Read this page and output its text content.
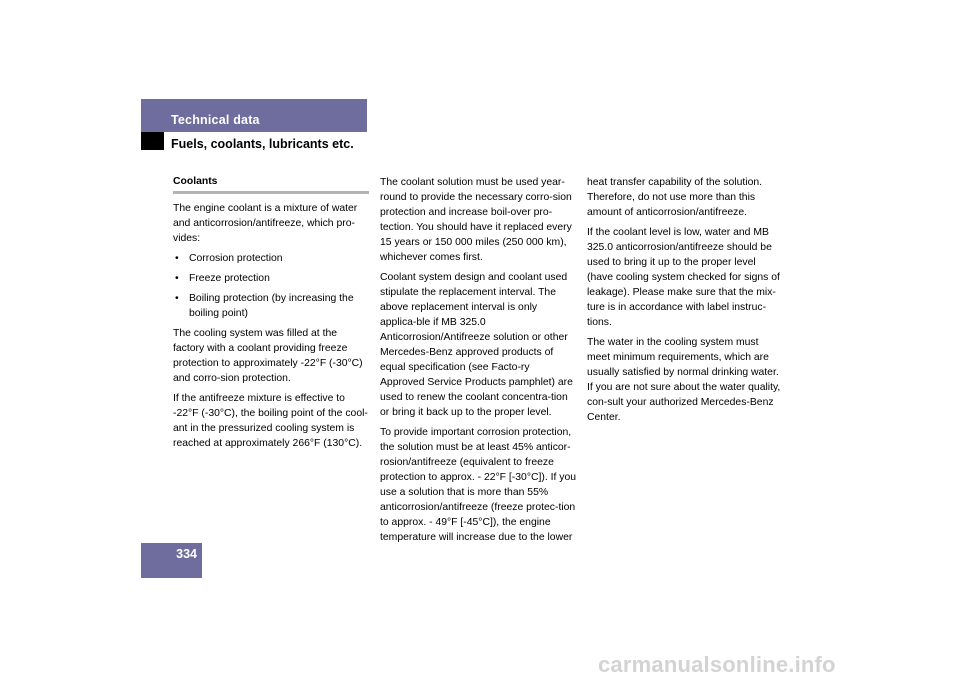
Technical data
Fuels, coolants, lubricants etc.
Coolants

The engine coolant is a mixture of water and anticorrosion/antifreeze, which pro-vides:

• Corrosion protection
• Freeze protection
• Boiling protection (by increasing the boiling point)

The cooling system was filled at the factory with a coolant providing freeze protection to approximately -22°F (-30°C) and corro-sion protection.

If the antifreeze mixture is effective to -22°F (-30°C), the boiling point of the cool-ant in the pressurized cooling system is reached at approximately 266°F (130°C).

The coolant solution must be used year-round to provide the necessary corro-sion protection and increase boil-over pro-tection. You should have it replaced every 15 years or 150 000 miles (250 000 km), whichever comes first.

Coolant system design and coolant used stipulate the replacement interval. The above replacement interval is only applica-ble if MB 325.0 Anticorrosion/Antifreeze solution or other Mercedes-Benz approved products of equal specification (see Facto-ry Approved Service Products pamphlet) are used to renew the coolant concentra-tion or bring it back up to the proper level.

To provide important corrosion protection, the solution must be at least 45% anticor-rosion/antifreeze (equivalent to freeze protection to approx. - 22°F [-30°C]). If you use a solution that is more than 55% anticorrosion/antifreeze (freeze protec-tion to approx. - 49°F [-45°C]), the engine temperature will increase due to the lower

heat transfer capability of the solution. Therefore, do not use more than this amount of anticorrosion/antifreeze.

If the coolant level is low, water and MB 325.0 anticorrosion/antifreeze should be used to bring it up to the proper level (have cooling system checked for signs of leakage). Please make sure that the mix-ture is in accordance with label instruc-tions.

The water in the cooling system must meet minimum requirements, which are usually satisfied by normal drinking water. If you are not sure about the water quality, con-sult your authorized Mercedes-Benz Center.

334
carmanualsonline.info
